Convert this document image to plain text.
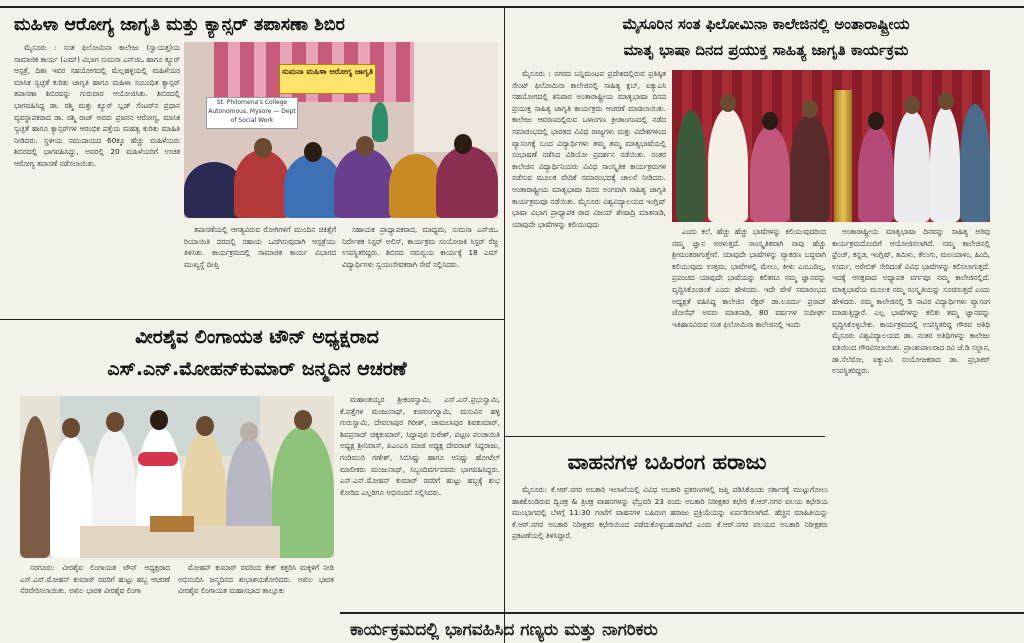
ಮಹಿಳಾ ಆರೋಗ್ಯ ಜಾಗೃತಿ ಮತ್ತು ಕ್ಯಾನ್ಸರ್ ತಪಾಸಣಾ ಶಿಬಿರ

ಮೈಸೂರು : ಸಂತ ಫಿಲೋಮಿನಾ ಕಾಲೇಜು (ಸ್ವಾಯತ್ತ)ಯ ಸಾಮಾಜಿಕ ಕಾರ್ಯ (ಎಮ್) ವಿಭಾಗ ಸುಮನಾ ಎನ್‌ಜಿಒ ಹಾಗೂ ಕ್ಯೂರ್ ಆಸ್ಪತ್ರೆ, ದಿಶಾ ಇವರ ಸಹಯೋಗದಲ್ಲಿ ಮೆಲ್ಲಹಳ್ಳಿಯಲ್ಲಿ ಮಹಿಳೆಯರ ಮಾಸಿಕ ಸ್ವಚ್ಛತೆ ಕುರಿತು ಜಾಗೃತಿ ಹಾಗೂ ಮಹಿಳಾ ಸಂಬಂಧಿತ ಕ್ಯಾನ್ಸರ್ ತಪಾಸಣಾ ಶಿಬಿರವನ್ನು ಗುರುವಾರ ಆಯೋಜಿಸಿತು. ಶಿಬಿರದಲ್ಲಿ ಭಾಗವಹಿಸಿದ್ದ ಡಾ. ರಶ್ಮಿ ಮತ್ತು ಕ್ಯೂರ್ ಬ್ಲಡ್ ಸೆಂಟರ್‌ನ ಪ್ರಧಾನ ವ್ಯವಸ್ಥಾಪಕರಾದ ಡಾ. ರಶ್ಮಿ ರಾಜ್ ಅವರು ಪ್ರಜನನ ಆರೋಗ್ಯ, ಮಾಸಿಕ ಸ್ವಚ್ಛತೆ ಹಾಗೂ ಕ್ಯಾನ್ಸರ್‌ಗಳ ಆರಂಭಿಕ ಪತ್ತೆಯ ಮಹತ್ವ ಕುರಿತು ಮಾಹಿತಿ ನೀಡಿದರು. ಸ್ಥಳೀಯ ಸಮುದಾಯದ 60ಕ್ಕೂ ಹೆಚ್ಚು ಮಹಿಳೆಯರು ಶಿಬಿರದಲ್ಲಿ ಭಾಗವಹಿಸಿದ್ದು, ಅವರಲ್ಲಿ 20 ಮಹಿಳೆಯರಿಗೆ ಉಚಿತ ಆರೋಗ್ಯ ತಪಾಸಣೆ ನಡೆಸಲಾಯಿತು.

ಸುಮನಾ ಮಹಿಳಾ ಆರೋಗ್ಯ ಜಾಗೃತಿ
St. Philomena's College Autonomous, Mysore — Dept of Social Work

ತಪಾಸಣೆಯಲ್ಲಿ ಆಗತ್ಯವಿರುವ ರೋಗಿಗಳಿಗೆ ಮುಂದಿನ ಚಿಕಿತ್ಸೆಗೆ ರಿಯಾಯಿತಿ ದರದಲ್ಲಿ ಸಹಾಯ ಒದಗಿಸುವುದಾಗಿ ಆಸ್ಪತ್ರೆಯು ತಿಳಿಸಿತು. ಕಾರ್ಯಕ್ರಮದಲ್ಲಿ ಸಾಮಾಜಿಕ ಕಾರ್ಯ ವಿಭಾಗದ ಮುಖ್ಯಸ್ಥೆ ದೀಪ್ತಿ

ಸಹಾಯಕ ಪ್ರಾಧ್ಯಾಪಕರಾದ, ಮಾಧ್ಯಮ, ಸುಮನಾ ಎನ್‌ಜಿಒ ನಿರ್ದೇಶಕ ಸಿಸ್ಟರ್ ಅಲಿಸ್, ಕಾರ್ಯಕ್ರಮ ಸಂಯೋಜಕಿ ಸಿಸ್ಟರ್ ರೆಜ್ಜ ಉಪಸ್ಥಿತರಿದ್ದರು. ಶಿಬಿರದ ಸಮನ್ವಯ ಕಾರ್ಯಕ್ಕೆ 18 ಎಮ್ ವಿದ್ಯಾರ್ಥಿಗಳು ಸ್ವಯಂಸೇವಕರಾಗಿ ಸೇವೆ ಸಲ್ಲಿಸಿದರು.

ಮೈಸೂರಿನ ಸಂತ ಫಿಲೋಮಿನಾ ಕಾಲೇಜಿನಲ್ಲಿ ಅಂತಾರಾಷ್ಟ್ರೀಯ
ಮಾತೃ ಭಾಷಾ ದಿನದ ಪ್ರಯುಕ್ತ ಸಾಹಿತ್ಯ ಜಾಗೃತಿ ಕಾರ್ಯಕ್ರಮ

ಮೈಸೂರು : ನಗರದ ಬನ್ನಿಮಂಟಪ ಪ್ರದೇಶದಲ್ಲಿರುವ ಪ್ರತಿಷ್ಠಿತ ಸೇಂಟ್ ಫಿಲೋಮಿನಾ ಕಾಲೇಜಿನಲ್ಲಿ ಸಾಹಿತ್ಯ ಕ್ಲಬ್, ಐಕ್ಯುಎಸಿ ಸಹಯೋಗದಲ್ಲಿ ಶನಿವಾರ ಅಂತಾರಾಷ್ಟ್ರೀಯ ಮಾತೃಭಾಷಾ ದಿನದ ಪ್ರಯುಕ್ತ ಸಾಹಿತ್ಯ ಜಾಗೃತಿ ಕಾರ್ಯಕ್ರಮ ಆಚರಣೆ ಮಾಡಲಾಯಿತು. ಕಾಲೇಜು ಆವರಣದಲ್ಲಿರುವ ಒಳಾಂಗಣ ಕ್ರೀಡಾಂಗಣದಲ್ಲಿ ನಡೆದ ಸಮಾರಂಭದಲ್ಲಿ ಭಾರತದ ವಿವಿಧ ರಾಜ್ಯಗಳು ಮತ್ತು ವಿದೇಶಗಳಿಂದ ವ್ಯಾಸಂಗಕ್ಕೆ ಬಂದ ವಿದ್ಯಾರ್ಥಿಗಳು ತಮ್ಮ ತಮ್ಮ ಮಾತೃಭಾಷೆಯಲ್ಲಿ ಸಂಭಾಷಣೆ ನಡೆಸಿದ ವಿಡಿಯೋ ಪ್ರದರ್ಶನ ನಡೆಯಿತು. ನಂತರ ಕಾಲೇಜಿನ ವಿದ್ಯಾರ್ಥಿನಿಯರು ವಿವಿಧ ಸಾಂಸ್ಕೃತಿಕ ಕಾರ್ಯಕ್ರಮಗಳ ನಡೆಸುವ ಮೂಲಕ ವೇದಿಕೆ ಸಮಾರಂಭದಕ್ಕೆ ಚಾಲನೆ ನೀಡಿದರು. ಅಂತಾರಾಷ್ಟ್ರೀಯ ಮಾತೃಭಾಷಾ ದಿನದ ಅಂಗವಾಗಿ ಸಾಹಿತ್ಯ ಜಾಗೃತಿ ಕಾರ್ಯಕ್ರಮವೂ ನಡೆಯಿತು. ಮೈಸೂರು ವಿಶ್ವವಿದ್ಯಾಲಯದ ಇಂಗ್ಲಿಷ್ ಭಾಷಾ ವಿಭಾಗ ಪ್ರಾಧ್ಯಾಪಕ ರಾದ ವಿಜಯ್ ಶೇಷಾದ್ರಿ ಮಾತನಾಡಿ, ಯಾವುದೇ ಭಾಷೆಗಳನ್ನು ಕಲಿಯುವುದು

ಎಂದು ಕಲೆ, ಹೆಚ್ಚು ಹೆಚ್ಚು ಭಾಷೆಗಳನ್ನು ಕಲಿಯುವುದರಿಂದ ನಮ್ಮ ಜ್ಞಾನ ಅರಳುತ್ತದೆ. ಸಾಂಸ್ಕೃತಿಕವಾಗಿ ನಾವು ಹೆಚ್ಚು ಶ್ರೀಮಂತರಾಗುತ್ತೇವೆ. ಯಾವುದೇ ಭಾಷೆಗಳನ್ನು ವ್ಯಾಕರಣ ಬದ್ಧವಾಗಿ ಕಲಿಯುವುದು ಉತ್ತಮ, ಭಾಷೆಗಳಲ್ಲಿ ಮೇಲು, ಕೀಳು ಎಂಬುದಿಲ್ಲ, ಪ್ರಪಂಚದ ಯಾವುದೇ ಭಾಷೆಯನ್ನು ಕಲಿತರೂ ನಮ್ಮ ಜ್ಞಾನವನ್ನು ವೃದ್ಧಿಸಿಕೊಂಡಂತೆ ಎಂದು ಹೇಳಿದರು. ಇದೇ ವೇಳೆ ಸಮಾರಂಭದ ಅಧ್ಯಕ್ಷತೆ ವಹಿಸಿದ್ದ ಕಾಲೇಜಿನ ರೆಕ್ಟರ್ ಡಾ.ಲೂರ್ದು ಪ್ರಸಾದ್ ಜೋಸೆಫ್ ಅವರು ಮಾತನಾಡಿ, 80 ವರ್ಷಗಳ ಸುದೀರ್ಘ ಇತಿಹಾಸವಿರುವ ಸಂತ ಫಿಲೋಮಿನಾ ಕಾಲೇಜಿನಲ್ಲಿ ಇಂದು

ಅಂತಾರಾಷ್ಟ್ರೀಯ ಮಾತೃಭಾಷಾ ದಿನವನ್ನು ಸಾಹಿತ್ಯ ಅರಿವು ಕಾರ್ಯಕ್ರಮದೊಂದಿಗೆ ಆಯೋಜಿಸಲಾಗಿದೆ. ನಮ್ಮ ಕಾಲೇಜಿನಲ್ಲಿ ಫ್ರೆಂಚ್, ಕನ್ನಡ, ಇಂಗ್ಲಿಷ್, ತಮಿಳು, ತೆಲುಗು, ಮಲಯಾಳಂ, ಹಿಂದಿ, ಉರ್ದು, ಅರೇಬಿಕ್ ಸೇರಿದಂತೆ ವಿವಿಧ ಭಾಷೆಗಳನ್ನು ಕಲಿಸಲಾಗುತ್ತದೆ. ಇದಕ್ಕೆ ಆಸಕ್ತವಾದ ಅಧ್ಯಾಪಕ ವರ್ಗವೂ ನಮ್ಮ ಕಾಲೇಜಿನಲ್ಲಿದೆ. ಮಾತೃಭಾಷೆಯ ಮೂಲಕ ನಮ್ಮ ಸಂಸ್ಕೃತಿಯನ್ನು ಸೂಚಿಸುತ್ತದೆ ಎಂದು ಹೇಳಿದರು. ನಮ್ಮ ಕಾಲೇಜಿನಲ್ಲಿ 5 ಸಾವಿರ ವಿದ್ಯಾರ್ಥಿಗಳು ವ್ಯಾಸಂಗ ಮಾಡುತ್ತಿದ್ದಾರೆ. ಎಲ್ಲ ಭಾಷೆಗಳನ್ನು ಕಲಿತು ತಮ್ಮ ಜ್ಞಾನವನ್ನು ವೃದ್ಧಿಸಿಕೊಳ್ಳಬೇಕು. ಕಾರ್ಯಕ್ರಮದಲ್ಲಿ ಉಪಸ್ಥಿತರಿದ್ದ ಗೌರವ ಅತಿಥಿ ಮೈಸೂರು ವಿಶ್ವವಿದ್ಯಾಲಯದ ಡಾ. ನಂತರ ಅತಿಥಿಗಳನ್ನು ಕಾಲೇಜು ವತಿಯಿಂದ ಗೌರವಿಸಲಾಯಿತು. ಪ್ರಾಂಶುಪಾಲರಾದ ರವಿ ಜೆ.ಡಿ ಸಲ್ದಾನ, ಡಾ.ಸೆಲೆರೋ, ಐಕ್ಯುಎಸಿ ಸಂಯೋಜಕರಾದ ಡಾ. ಪ್ರಭಾಕರ್ ಉಪಸ್ಥಿತರಿದ್ದರು.

ವೀರಶೈವ ಲಿಂಗಾಯತ ಟೌನ್ ಅಧ್ಯಕ್ಷರಾದ
ಎಸ್.ಎನ್.ಮೋಹನ್‌ಕುಮಾರ್ ಜನ್ಮದಿನ ಆಚರಣೆ

ಮಹಾಂತಯ್ಯರ ಶ್ರೀಕಂಠಸ್ವಾಮಿ, ಎಸ್.ಎಸ್.ಪ್ರಭುಸ್ವಾಮಿ, ಕೆ.ಪತ್ತೆಗಳ ಮಂಜುನಾಥ್, ಕಂಠರಂಗಸ್ವಾಮಿ, ಮಸುವಿನ ಹಳ್ಳಿ ಗುರುಸ್ವಾಮಿ, ದೇವಲಾಪುರ ಗಿರೀಶ್, ಚಾಮಲಾಪುರ ಶಿವಕುಮಾರ್, ಶಿವಪ್ರಸಾದ್ ಚಿಕ್ಕಕುಮಾರ್, ಸಿದ್ದಾಪುರ ಸುರೇಶ್, ಪಟ್ಟಣ ಪಂಚಾಯಿತಿ ಅಧ್ಯಕ್ಷ ಶ್ರೀನಿವಾಸ್, ಪಿಎಂಎಸಿ ಮಾಜಿ ಅಧ್ಯಕ್ಷ ದೇವರಾಜ್ ಸಿದ್ದರಾಜು, ಗಂಡಿಮುರಿ ಗಣೇಶ್, ಸಿಬಿಸಿಷ್ಣು ಹಾಗೂ ಅನಿಷ್ಣು ಹೋಟೆಲ್ ಮಾಲೀಕರು ಮಂಜುನಾಥ್, ಸಿಬ್ಬಂದಿವರ್ಗದವರು ಭಾಗವಹಿಸಿದ್ದರು. ಎಸ್.ಎನ್.ಮೋಹನ್ ಕುಮಾರ್ ರವರಿಗೆ ಹುಟ್ಟು ಹಬ್ಬಕ್ಕೆ ಶುಭ ಕೋರಿದ ಎಲ್ಲರಿಗೂ ಅಭಿನಂದನೆ ಸಲ್ಲಿಸಿದರು.

ಸರಗೂರು: ವೀರಶೈವ ಲಿಂಗಾಯತ ಟೌನ್ ಅಧ್ಯಕ್ಷರಾದ ಎಸ್.ಎನ್.ಮೋಹನ್ ಕುಮಾರ್ ರವರಿಗೆ ಹುಟ್ಟು ಹಬ್ಬ ಆಚರಣೆ ನೆರವೇರಿಸಲಾಯಿತು. ಅಖಿಲ ಭಾರತ ವೀರಶೈವ ಲಿಂಗಾ

ಮೋಹನ್ ಕುಮಾರ್ ರವರಿಂದ ಕೇಕ್ ಕತ್ತರಿಸಿ ಮಕ್ಕಳಿಗೆ ನೀಡಿ ಅಭಿನಂದಿಸಿ ಜನ್ಮದಿನದ ಶುಭಾಶಯಕೋರಿದರು. ಅಖಿಲ ಭಾರತ ವೀರಶೈವ ಲಿಂಗಾಯತ ಮಹಾಸಭಾದ ತಾಲ್ಲೂಕು

ವಾಹನಗಳ ಬಹಿರಂಗ ಹರಾಜು

ಮೈಸೂರು: ಕೆ.ಆರ್.ನಗರ ಅಬಕಾರಿ ಇಲಾಖೆಯಲ್ಲಿ ವಿವಿಧ ಅಬಕಾರಿ ಪ್ರಕರಣಗಳಲ್ಲಿ ಜಪ್ತಿ ಪಡಿಸಿಕೊಂಡು ಸರ್ಕಾರಕ್ಕೆ ಮುಟ್ಟುಗೋಲು ಹಾಕಿಕೊಂಡಿರುವ ದ್ವಿಚಕ್ರ & ತ್ರಿಚಕ್ರ ವಾಹನಗಳನ್ನು ಫೆಬ್ರವರಿ 23 ರಂದು ಅಬಕಾರಿ ನಿರೀಕ್ಷಕರ ಕಛೇರಿ ಕೆ.ಆರ್.ನಗರ ವಲಯ ಕಛೇರಿಯ ಮುಂಭಾಗದಲ್ಲಿ ಬೆಳಗ್ಗೆ 11:30 ಗಂಟೆಗೆ ವಾಹನಗಳ ಬಹಿರಂಗ ಹರಾಜು ಪ್ರಕ್ರಿಯೆಯನ್ನು ಏರ್ಪಡಿಸಲಾಗಿದೆ. ಹೆಚ್ಚಿನ ಮಾಹಿತಿಯನ್ನು ಕೆ.ಆರ್.ನಗರ ಅಬಕಾರಿ ನಿರೀಕ್ಷಕರ ಕಛೇರಿಯಿಂದ ಪಡೆದುಕೊಳ್ಳಬಹುದಾಗಿದೆ ಎಂದು ಕೆ.ಆರ್.ನಗರ ವಲಯದ ಅಬಕಾರಿ ನಿರೀಕ್ಷಕರು ಪ್ರಕಟಣೆಯಲ್ಲಿ ತಿಳಿಸಿದ್ದಾರೆ.

ಕಾರ್ಯಕ್ರಮದಲ್ಲಿ ಭಾಗವಹಿಸಿದ ಗಣ್ಯರು ಮತ್ತು ನಾಗರಿಕರು
